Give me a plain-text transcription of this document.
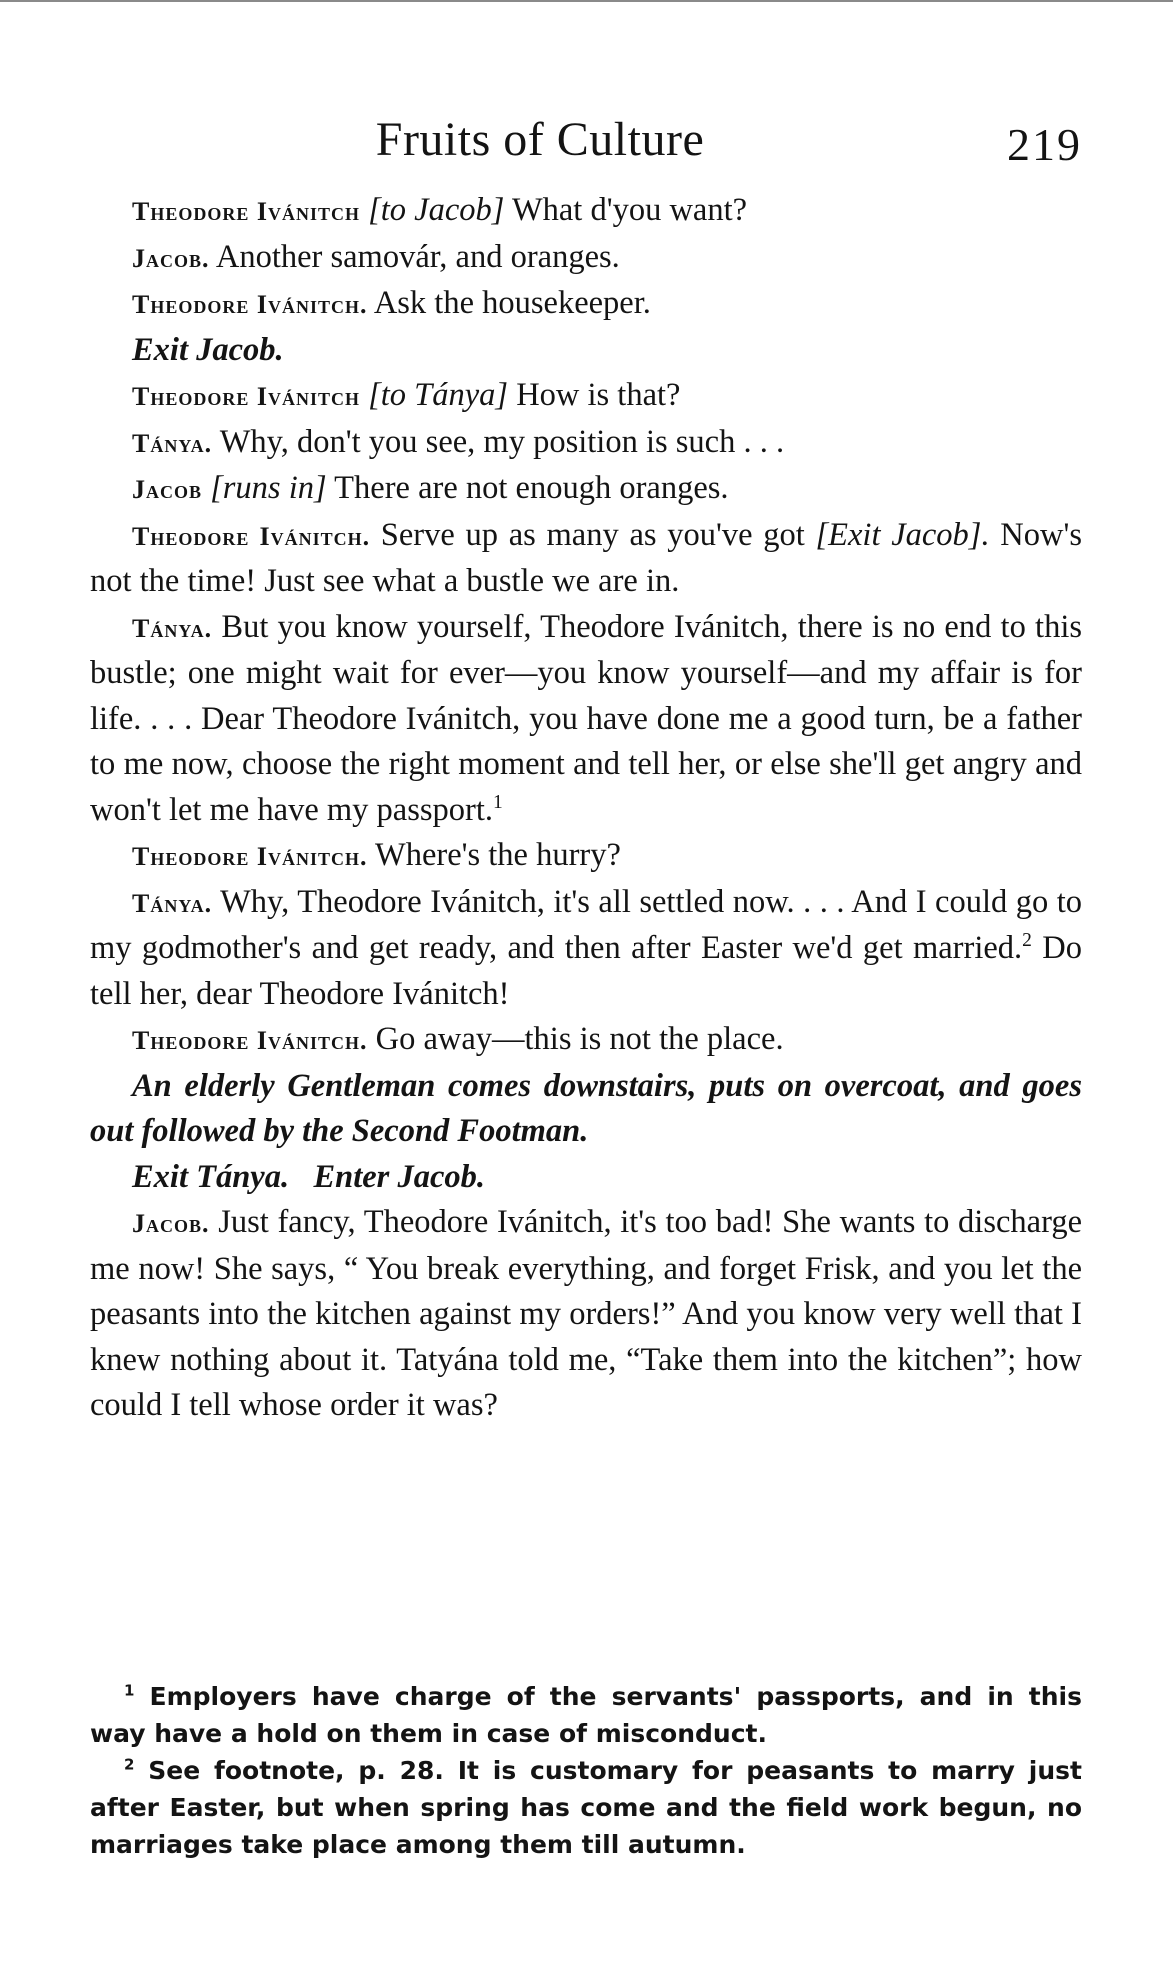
Fruits of Culture	219

Theodore Ivánitch [to Jacob] What d'you want?

Jacob. Another samovár, and oranges.

Theodore Ivánitch. Ask the housekeeper.

Exit Jacob.

Theodore Ivánitch [to Tánya] How is that?

Tánya. Why, don't you see, my position is such . . .

Jacob [runs in] There are not enough oranges.

Theodore Ivánitch. Serve up as many as you've got [Exit Jacob]. Now's not the time! Just see what a bustle we are in.

Tánya. But you know yourself, Theodore Ivánitch, there is no end to this bustle; one might wait for ever—you know yourself—and my affair is for life. . . . Dear Theodore Ivánitch, you have done me a good turn, be a father to me now, choose the right moment and tell her, or else she'll get angry and won't let me have my passport.$^1$

Theodore Ivánitch. Where's the hurry?

Tánya. Why, Theodore Ivánitch, it's all settled now. . . . And I could go to my godmother's and get ready, and then after Easter we'd get married.$^2$ Do tell her, dear Theodore Ivánitch!

Theodore Ivánitch. Go away—this is not the place.

An elderly Gentleman comes downstairs, puts on overcoat, and goes out followed by the Second Footman.

Exit Tánya. Enter Jacob.

Jacob. Just fancy, Theodore Ivánitch, it's too bad! She wants to discharge me now! She says, “ You break everything, and forget Frisk, and you let the peasants into the kitchen against my orders!” And you know very well that I knew nothing about it. Tatyána told me, “Take them into the kitchen”; how could I tell whose order it was?

$^1$ Employers have charge of the servants' passports, and in this way have a hold on them in case of misconduct.

$^2$ See footnote, p. 28. It is customary for peasants to marry just after Easter, but when spring has come and the field work begun, no marriages take place among them till autumn.
